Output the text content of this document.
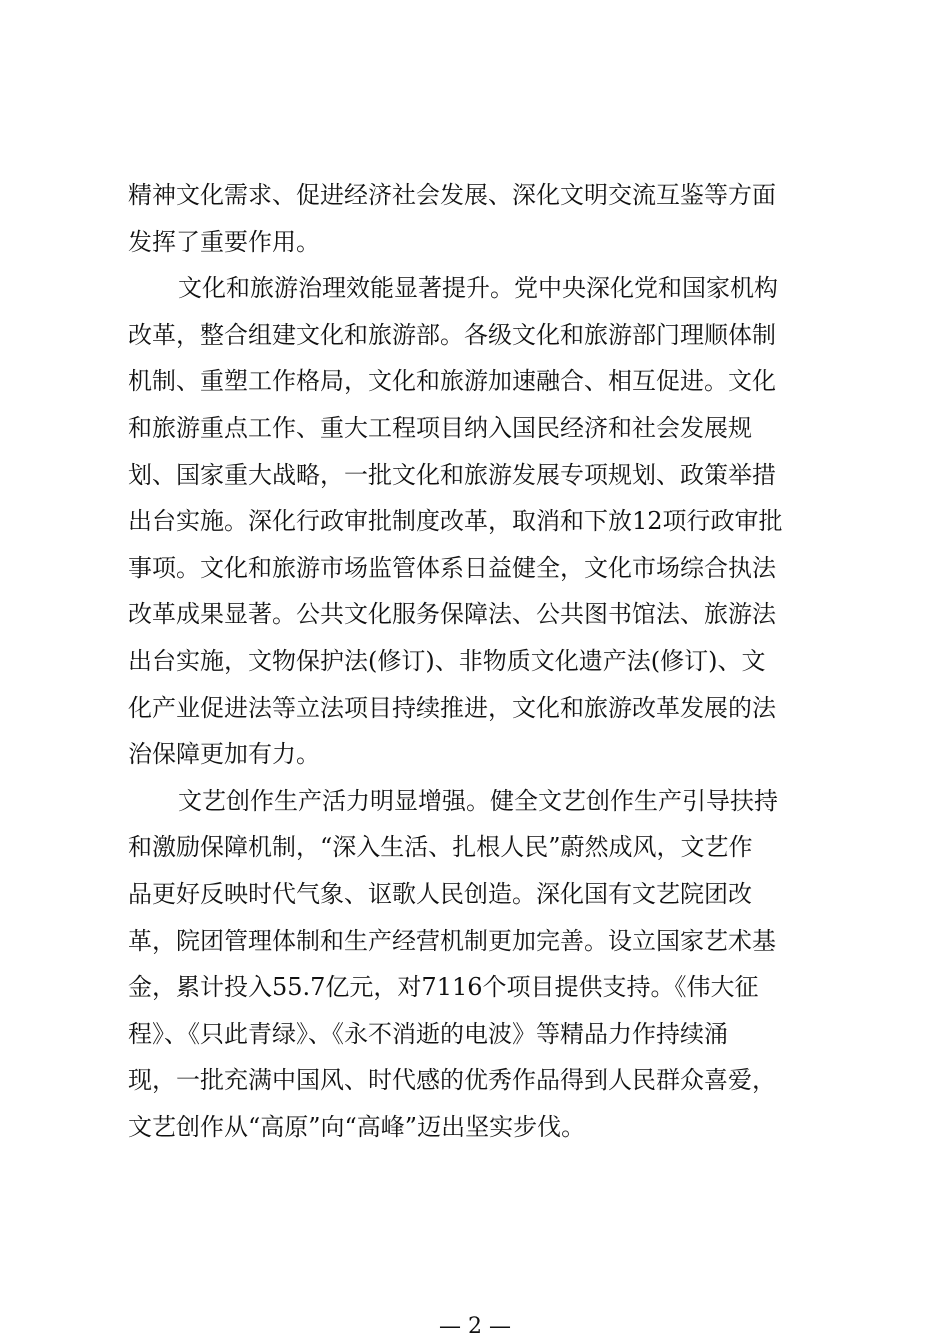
精神文化需求、促进经济社会发展、深化文明交流互鉴等方面
发挥了重要作用。
文化和旅游治理效能显著提升。党中央深化党和国家机构
改革，整合组建文化和旅游部。各级文化和旅游部门理顺体制
机制、重塑工作格局，文化和旅游加速融合、相互促进。文化
和旅游重点工作、重大工程项目纳入国民经济和社会发展规
划、国家重大战略，一批文化和旅游发展专项规划、政策举措
出台实施。深化行政审批制度改革，取消和下放12项行政审批
事项。文化和旅游市场监管体系日益健全，文化市场综合执法
改革成果显著。公共文化服务保障法、公共图书馆法、旅游法
出台实施，文物保护法(修订)、非物质文化遗产法(修订)、文
化产业促进法等立法项目持续推进，文化和旅游改革发展的法
治保障更加有力。
文艺创作生产活力明显增强。健全文艺创作生产引导扶持
和激励保障机制，“深入生活、扎根人民”蔚然成风，文艺作
品更好反映时代气象、讴歌人民创造。深化国有文艺院团改
革，院团管理体制和生产经营机制更加完善。设立国家艺术基
金，累计投入55.7亿元，对7116个项目提供支持。《伟大征
程》、《只此青绿》、《永不消逝的电波》等精品力作持续涌
现，一批充满中国风、时代感的优秀作品得到人民群众喜爱，
文艺创作从“高原”向“高峰”迈出坚实步伐。
— 2 —
